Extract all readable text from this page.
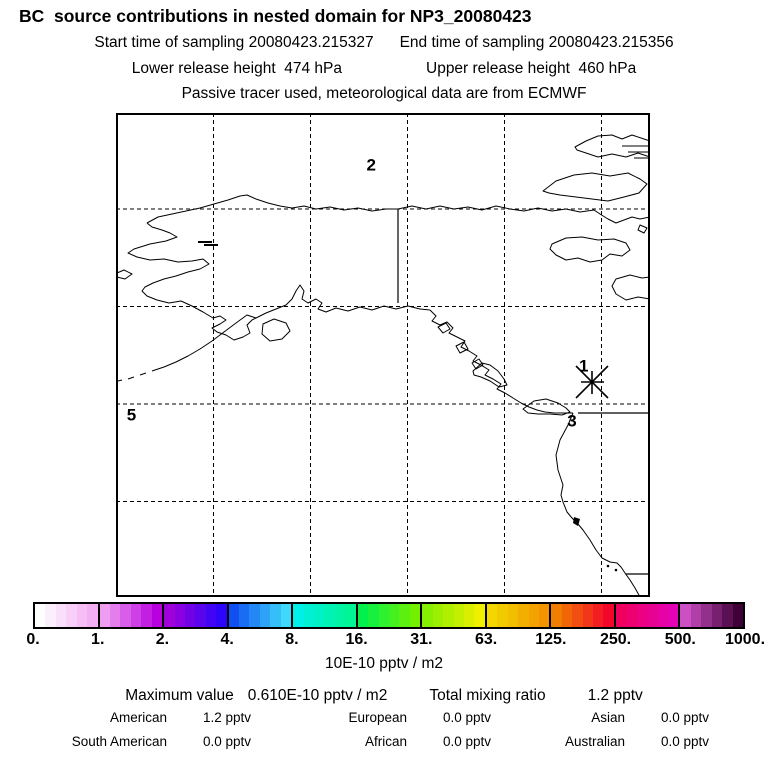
BC  source contributions in nested domain for NP3_20080423
Start time of sampling 20080423.215327 End time of sampling 20080423.215356
Lower release height  474 hPa	Upper release height  460 hPa
Passive tracer used, meteorological data are from ECMWF
2
1
5	3
0.	1.	2.	4.	8.	16.	31.	63. 125. 250. 500. 1000.
10E-10 pptv / m2
Maximum value 0.610E-10 pptv / m2	Total mixing ratio	1.2 pptv
American	1.2 pptv	European	0.0 pptv	Asian	0.0 pptv
South American	0.0 pptv	African	0.0 pptv	Australian	0.0 pptv
